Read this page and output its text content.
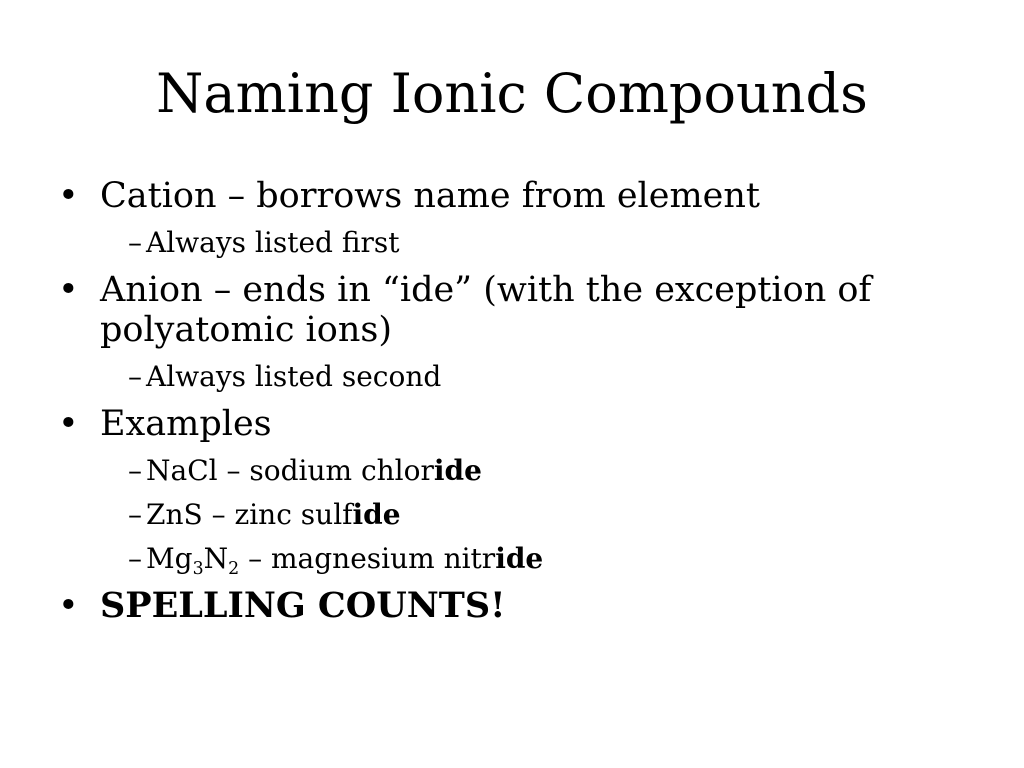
Naming Ionic Compounds
• Cation – borrows name from element
– Always listed first
• Anion – ends in “ide” (with the exception of polyatomic ions)
– Always listed second
• Examples
– NaCl – sodium chloride
– ZnS – zinc sulfide
– $Mg_3N_2$ – magnesium nitride
• SPELLING COUNTS!
